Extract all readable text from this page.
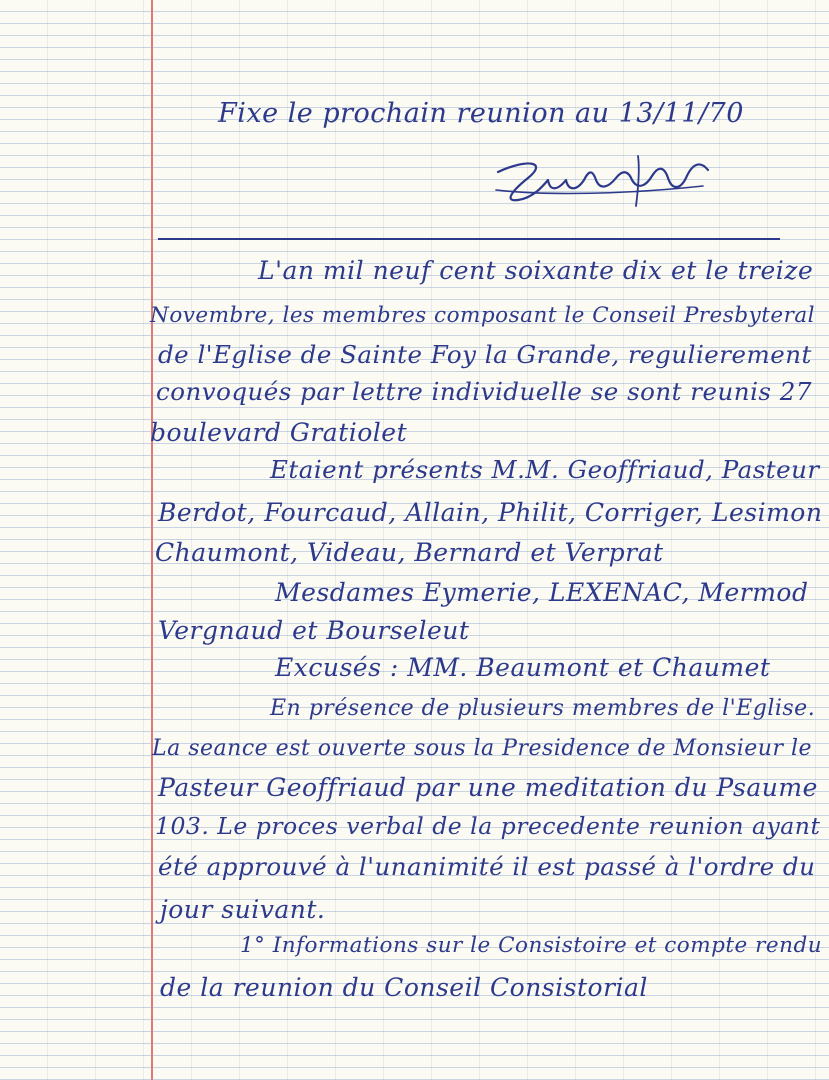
Fixe le prochain reunion au 13/11/70
L'an mil neuf cent soixante dix et le treize
Novembre, les membres composant le Conseil Presbyteral
de l'Eglise de Sainte Foy la Grande, regulierement
convoqués par lettre individuelle se sont reunis 27
boulevard Gratiolet
Etaient présents M.M. Geoffriaud, Pasteur
Berdot, Fourcaud, Allain, Philit, Corriger, Lesimon
Chaumont, Videau, Bernard et Verprat
Mesdames Eymerie, LEXENAC, Mermod
Vergnaud et Bourseleut
Excusés : MM. Beaumont et Chaumet
En présence de plusieurs membres de l'Eglise.
La seance est ouverte sous la Presidence de Monsieur le
Pasteur Geoffriaud par une meditation du Psaume
103. Le proces verbal de la precedente reunion ayant
été approuvé à l'unanimité il est passé à l'ordre du
jour suivant.
1° Informations sur le Consistoire et compte rendu
de la reunion du Conseil Consistorial
